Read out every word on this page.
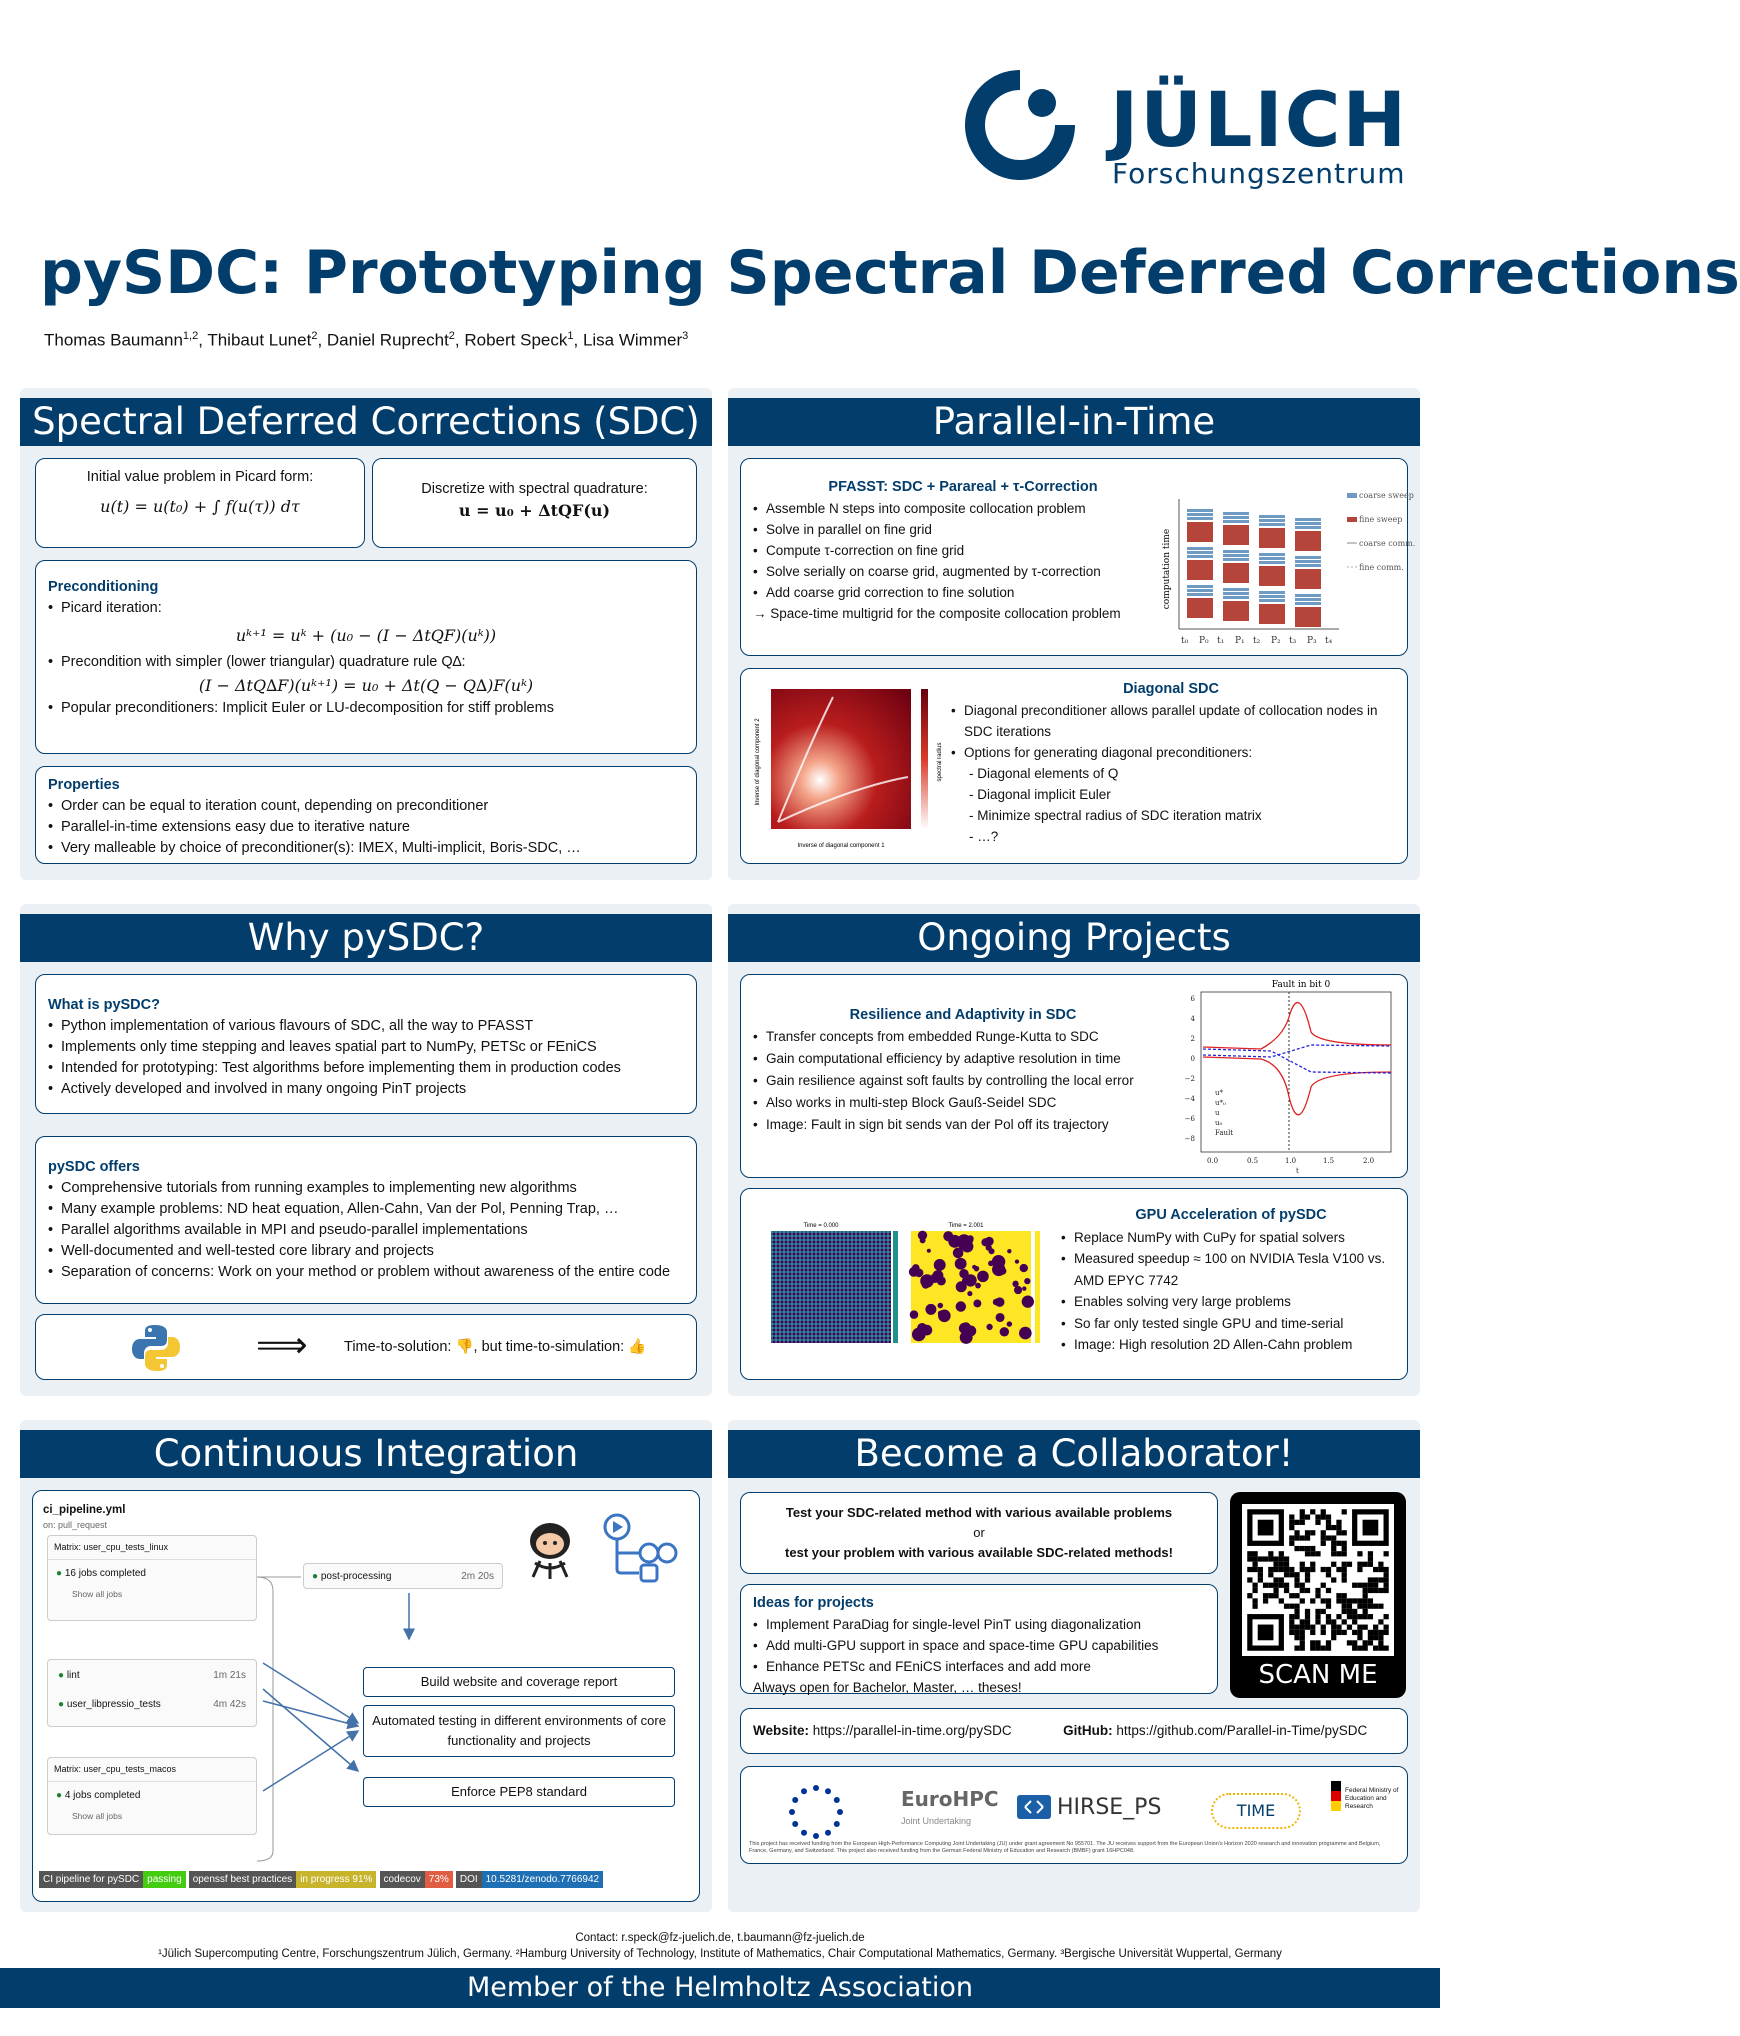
JÜLICH
Forschungszentrum
pySDC: Prototyping Spectral Deferred Corrections
Thomas Baumann$^{1,2}$, Thibaut Lunet$^2$, Daniel Ruprecht$^2$, Robert Speck$^1$, Lisa Wimmer$^3$
Spectral Deferred Corrections (SDC)
Initial value problem in Picard form:
u(t) = u(t₀) + ∫ f(u(τ)) dτ
Discretize with spectral quadrature:
u = u₀ + ΔtQF(u)
Preconditioning
• Picard iteration:
uᵏ⁺¹ = uᵏ + (u₀ − (I − ΔtQF)(uᵏ))
• Precondition with simpler (lower triangular) quadrature rule Q∆:
(I − ΔtQ∆F)(uᵏ⁺¹) = u₀ + Δt(Q − Q∆)F(uᵏ)
• Popular preconditioners: Implicit Euler or LU-decomposition for stiff problems
Properties
• Order can be equal to iteration count, depending on preconditioner
• Parallel-in-time extensions easy due to iterative nature
• Very malleable by choice of preconditioner(s): IMEX, Multi-implicit, Boris-SDC, …
Parallel-in-Time
PFASST: SDC + Parareal + τ-Correction
• Assemble N steps into composite collocation problem
• Solve in parallel on fine grid
• Compute τ-correction on fine grid
• Solve serially on coarse grid, augmented by τ-correction
• Add coarse grid correction to fine solution
→ Space-time multigrid for the composite collocation problem
computation time
t₀ P₀ t₁ P₁ t₂ P₂ t₃ P₃ t₄
coarse sweep
fine sweep
coarse comm.
fine comm.
Inverse of diagonal component 2
Inverse of diagonal component 1
spectral radius
Diagonal SDC
• Diagonal preconditioner allows parallel update of collocation nodes in SDC iterations
• Options for generating diagonal preconditioners:
- Diagonal elements of Q
- Diagonal implicit Euler
- Minimize spectral radius of SDC iteration matrix
- …?
Why pySDC?
What is pySDC?
• Python implementation of various flavours of SDC, all the way to PFASST
• Implements only time stepping and leaves spatial part to NumPy, PETSc or FEniCS
• Intended for prototyping: Test algorithms before implementing them in production codes
• Actively developed and involved in many ongoing PinT projects
pySDC offers
• Comprehensive tutorials from running examples to implementing new algorithms
• Many example problems: ND heat equation, Allen-Cahn, Van der Pol, Penning Trap, …
• Parallel algorithms available in MPI and pseudo-parallel implementations
• Well-documented and well-tested core library and projects
• Separation of concerns: Work on your method or problem without awareness of the entire code
⟹	Time-to-solution: 👎, but time-to-simulation: 👍
Ongoing Projects
Resilience and Adaptivity in SDC
• Transfer concepts from embedded Runge-Kutta to SDC
• Gain computational efficiency by adaptive resolution in time
• Gain resilience against soft faults by controlling the local error
• Also works in multi-step Block Gauß-Seidel SDC
• Image: Fault in sign bit sends van der Pol off its trajectory
Fault in bit 0
6
4
2
0
−2
−4
−6
−8
0.0	0.5	1.0	1.5	2.0
t
u*
u*₀
u
u₀
Fault
Time = 0.000	Time = 2.001
GPU Acceleration of pySDC
• Replace NumPy with CuPy for spatial solvers
• Measured speedup ≈ 100 on NVIDIA Tesla V100 vs. AMD EPYC 7742
• Enables solving very large problems
• So far only tested single GPU and time-serial
• Image: High resolution 2D Allen-Cahn problem
Continuous Integration
ci_pipeline.yml
on: pull_request
Matrix: user_cpu_tests_linux
● 16 jobs completed
Show all jobs
● post-processing	2m 20s
● lint	1m 21s
● user_libpressio_tests	4m 42s
Matrix: user_cpu_tests_macos
● 4 jobs completed
Show all jobs
Build website and coverage report
Automated testing in different environments of core functionality and projects
Enforce PEP8 standard
CI pipeline for pySDC passing openssf best practices in progress 91% codecov 73% DOI 10.5281/zenodo.7766942
Become a Collaborator!
Test your SDC-related method with various available problems
or
test your problem with various available SDC-related methods!
Ideas for projects
• Implement ParaDiag for single-level PinT using diagonalization
• Add multi-GPU support in space and space-time GPU capabilities
• Enhance PETSc and FEniCS interfaces and add more
Always open for Bachelor, Master, … theses!	SCAN ME
Website: https://parallel-in-time.org/pySDC	GitHub: https://github.com/Parallel-in-Time/pySDC
EuroHPC
Joint Undertaking
HIRSE_PS	TIME
Federal Ministry of Education and Research
This project has received funding from the European High-Performance Computing Joint Undertaking (JU) under grant agreement No 955701. The JU receives support from the European Union's Horizon 2020 research and innovation programme and Belgium, France, Germany, and Switzerland. This project also received funding from the German Federal Ministry of Education and Research (BMBF) grant 16HPC048.
Contact: r.speck@fz-juelich.de, t.baumann@fz-juelich.de
¹Jülich Supercomputing Centre, Forschungszentrum Jülich, Germany. ²Hamburg University of Technology, Institute of Mathematics, Chair Computational Mathematics, Germany. ³Bergische Universität Wuppertal, Germany
Member of the Helmholtz Association
